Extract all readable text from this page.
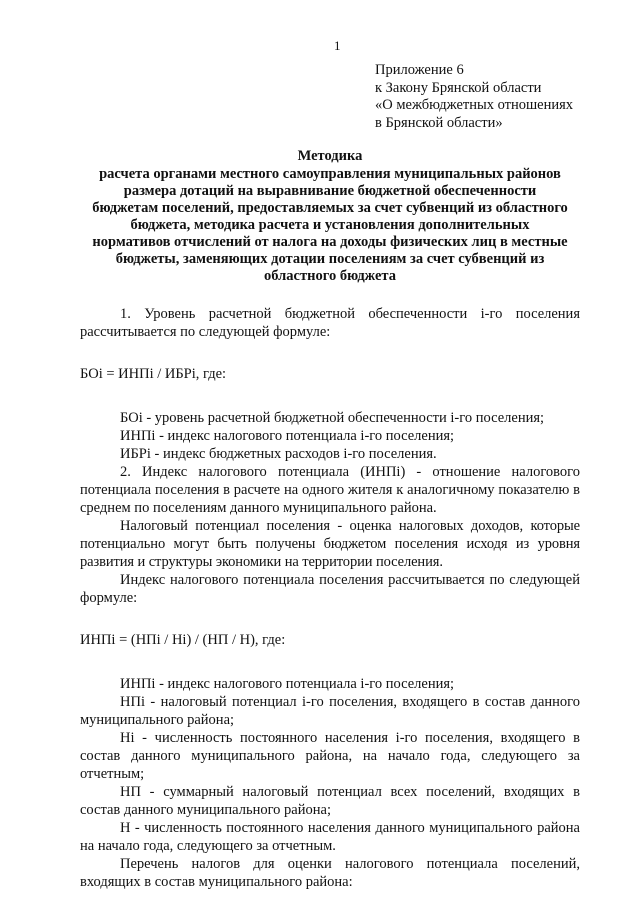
1
Приложение 6
к Закону Брянской области
«О межбюджетных отношениях
в Брянской области»
Методика
расчета органами местного самоуправления муниципальных районов
размера дотаций на выравнивание бюджетной обеспеченности
бюджетам поселений, предоставляемых за счет субвенций из областного
бюджета, методика расчета и установления дополнительных
нормативов отчислений от налога на доходы физических лиц в местные
бюджеты, заменяющих дотации поселениям за счет субвенций из
областного бюджета

1. Уровень расчетной бюджетной обеспеченности i-го поселения рассчитывается по следующей формуле:

БОi = ИНПi / ИБРi, где:

БОi - уровень расчетной бюджетной обеспеченности i-го поселения;

ИНПi - индекс налогового потенциала i-го поселения;

ИБРi - индекс бюджетных расходов i-го поселения.

2. Индекс налогового потенциала (ИНПi) - отношение налогового потенциала поселения в расчете на одного жителя к аналогичному показателю в среднем по поселениям данного муниципального района.

Налоговый потенциал поселения - оценка налоговых доходов, которые потенциально могут быть получены бюджетом поселения исходя из уровня развития и структуры экономики на территории поселения.

Индекс налогового потенциала поселения рассчитывается по следующей формуле:

ИНПi = (НПi / Нi) / (НП / Н), где:

ИНПi - индекс налогового потенциала i-го поселения;

НПi - налоговый потенциал i-го поселения, входящего в состав данного муниципального района;

Нi - численность постоянного населения i-го поселения, входящего в состав данного муниципального района, на начало года, следующего за отчетным;

НП - суммарный налоговый потенциал всех поселений, входящих в состав данного муниципального района;

Н - численность постоянного населения данного муниципального района на начало года, следующего за отчетным.

Перечень налогов для оценки налогового потенциала поселений, входящих в состав муниципального района:
